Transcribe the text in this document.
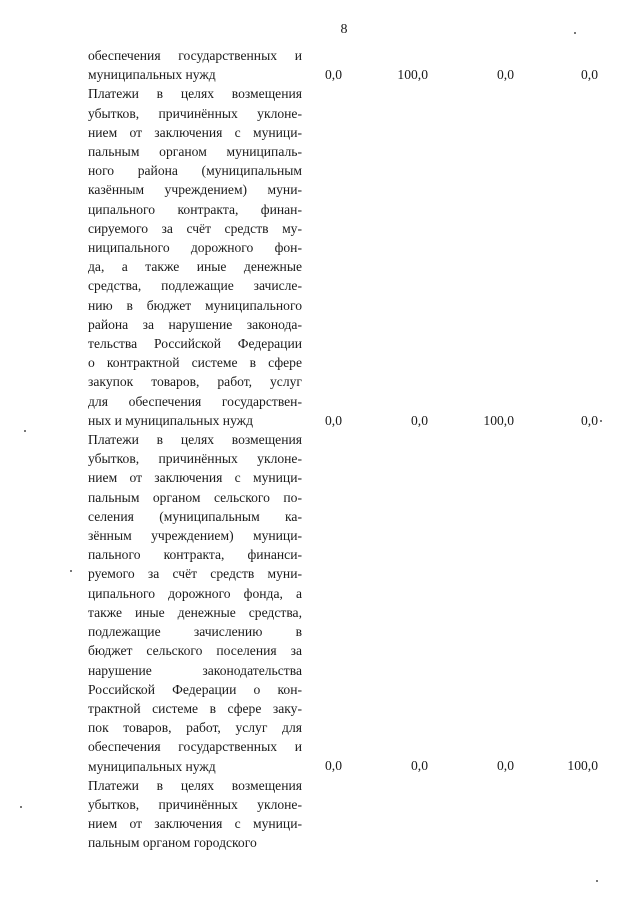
8
обеспечения государственных и
муниципальных нужд	0,0	100,0	0,0	0,0
Платежи в целях возмещения
убытков, причинённых уклоне-
нием от заключения с муници-
пальным органом муниципаль-
ного района (муниципальным
казённым учреждением) муни-
ципального контракта, финан-
сируемого за счёт средств му-
ниципального дорожного фон-
да, а также иные денежные
средства, подлежащие зачисле-
нию в бюджет муниципального
района за нарушение законода-
тельства Российской Федерации
о контрактной системе в сфере
закупок товаров, работ, услуг
для обеспечения государствен-
ных и муниципальных нужд	0,0	0,0	100,0	0,0
Платежи в целях возмещения
убытков, причинённых уклоне-
нием от заключения с муници-
пальным органом сельского по-
селения (муниципальным ка-
зённым учреждением) муници-
пального контракта, финанси-
руемого за счёт средств муни-
ципального дорожного фонда, а
также иные денежные средства,
подлежащие зачислению в
бюджет сельского поселения за
нарушение законодательства
Российской Федерации о кон-
трактной системе в сфере заку-
пок товаров, работ, услуг для
обеспечения государственных и
муниципальных нужд	0,0	0,0	0,0	100,0
Платежи в целях возмещения
убытков, причинённых уклоне-
нием от заключения с муници-
пальным органом городского
